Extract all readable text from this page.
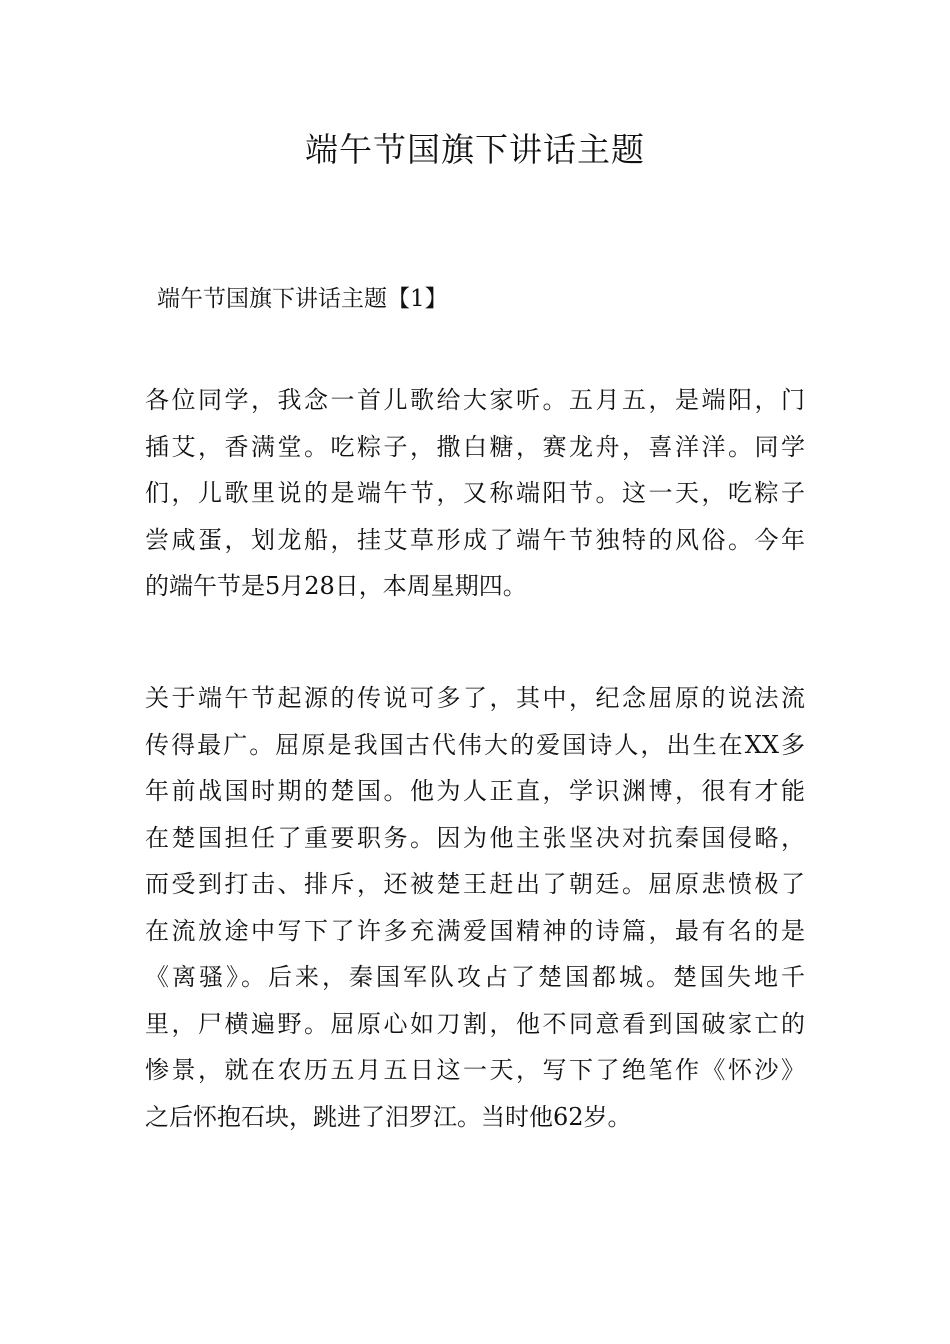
端午节国旗下讲话主题
端午节国旗下讲话主题【1】

各位同学，我念一首儿歌给大家听。五月五，是端阳，门
插艾，香满堂。吃粽子，撒白糖，赛龙舟，喜洋洋。同学
们，儿歌里说的是端午节，又称端阳节。这一天，吃粽子
尝咸蛋，划龙船，挂艾草形成了端午节独特的风俗。今年
的端午节是5月28日，本周星期四。

关于端午节起源的传说可多了，其中，纪念屈原的说法流
传得最广。屈原是我国古代伟大的爱国诗人，出生在XX多
年前战国时期的楚国。他为人正直，学识渊博，很有才能
在楚国担任了重要职务。因为他主张坚决对抗秦国侵略，
而受到打击、排斥，还被楚王赶出了朝廷。屈原悲愤极了
在流放途中写下了许多充满爱国精神的诗篇，最有名的是
《离骚》。后来，秦国军队攻占了楚国都城。楚国失地千
里，尸横遍野。屈原心如刀割，他不同意看到国破家亡的
惨景，就在农历五月五日这一天，写下了绝笔作《怀沙》
之后怀抱石块，跳进了汨罗江。当时他62岁。
